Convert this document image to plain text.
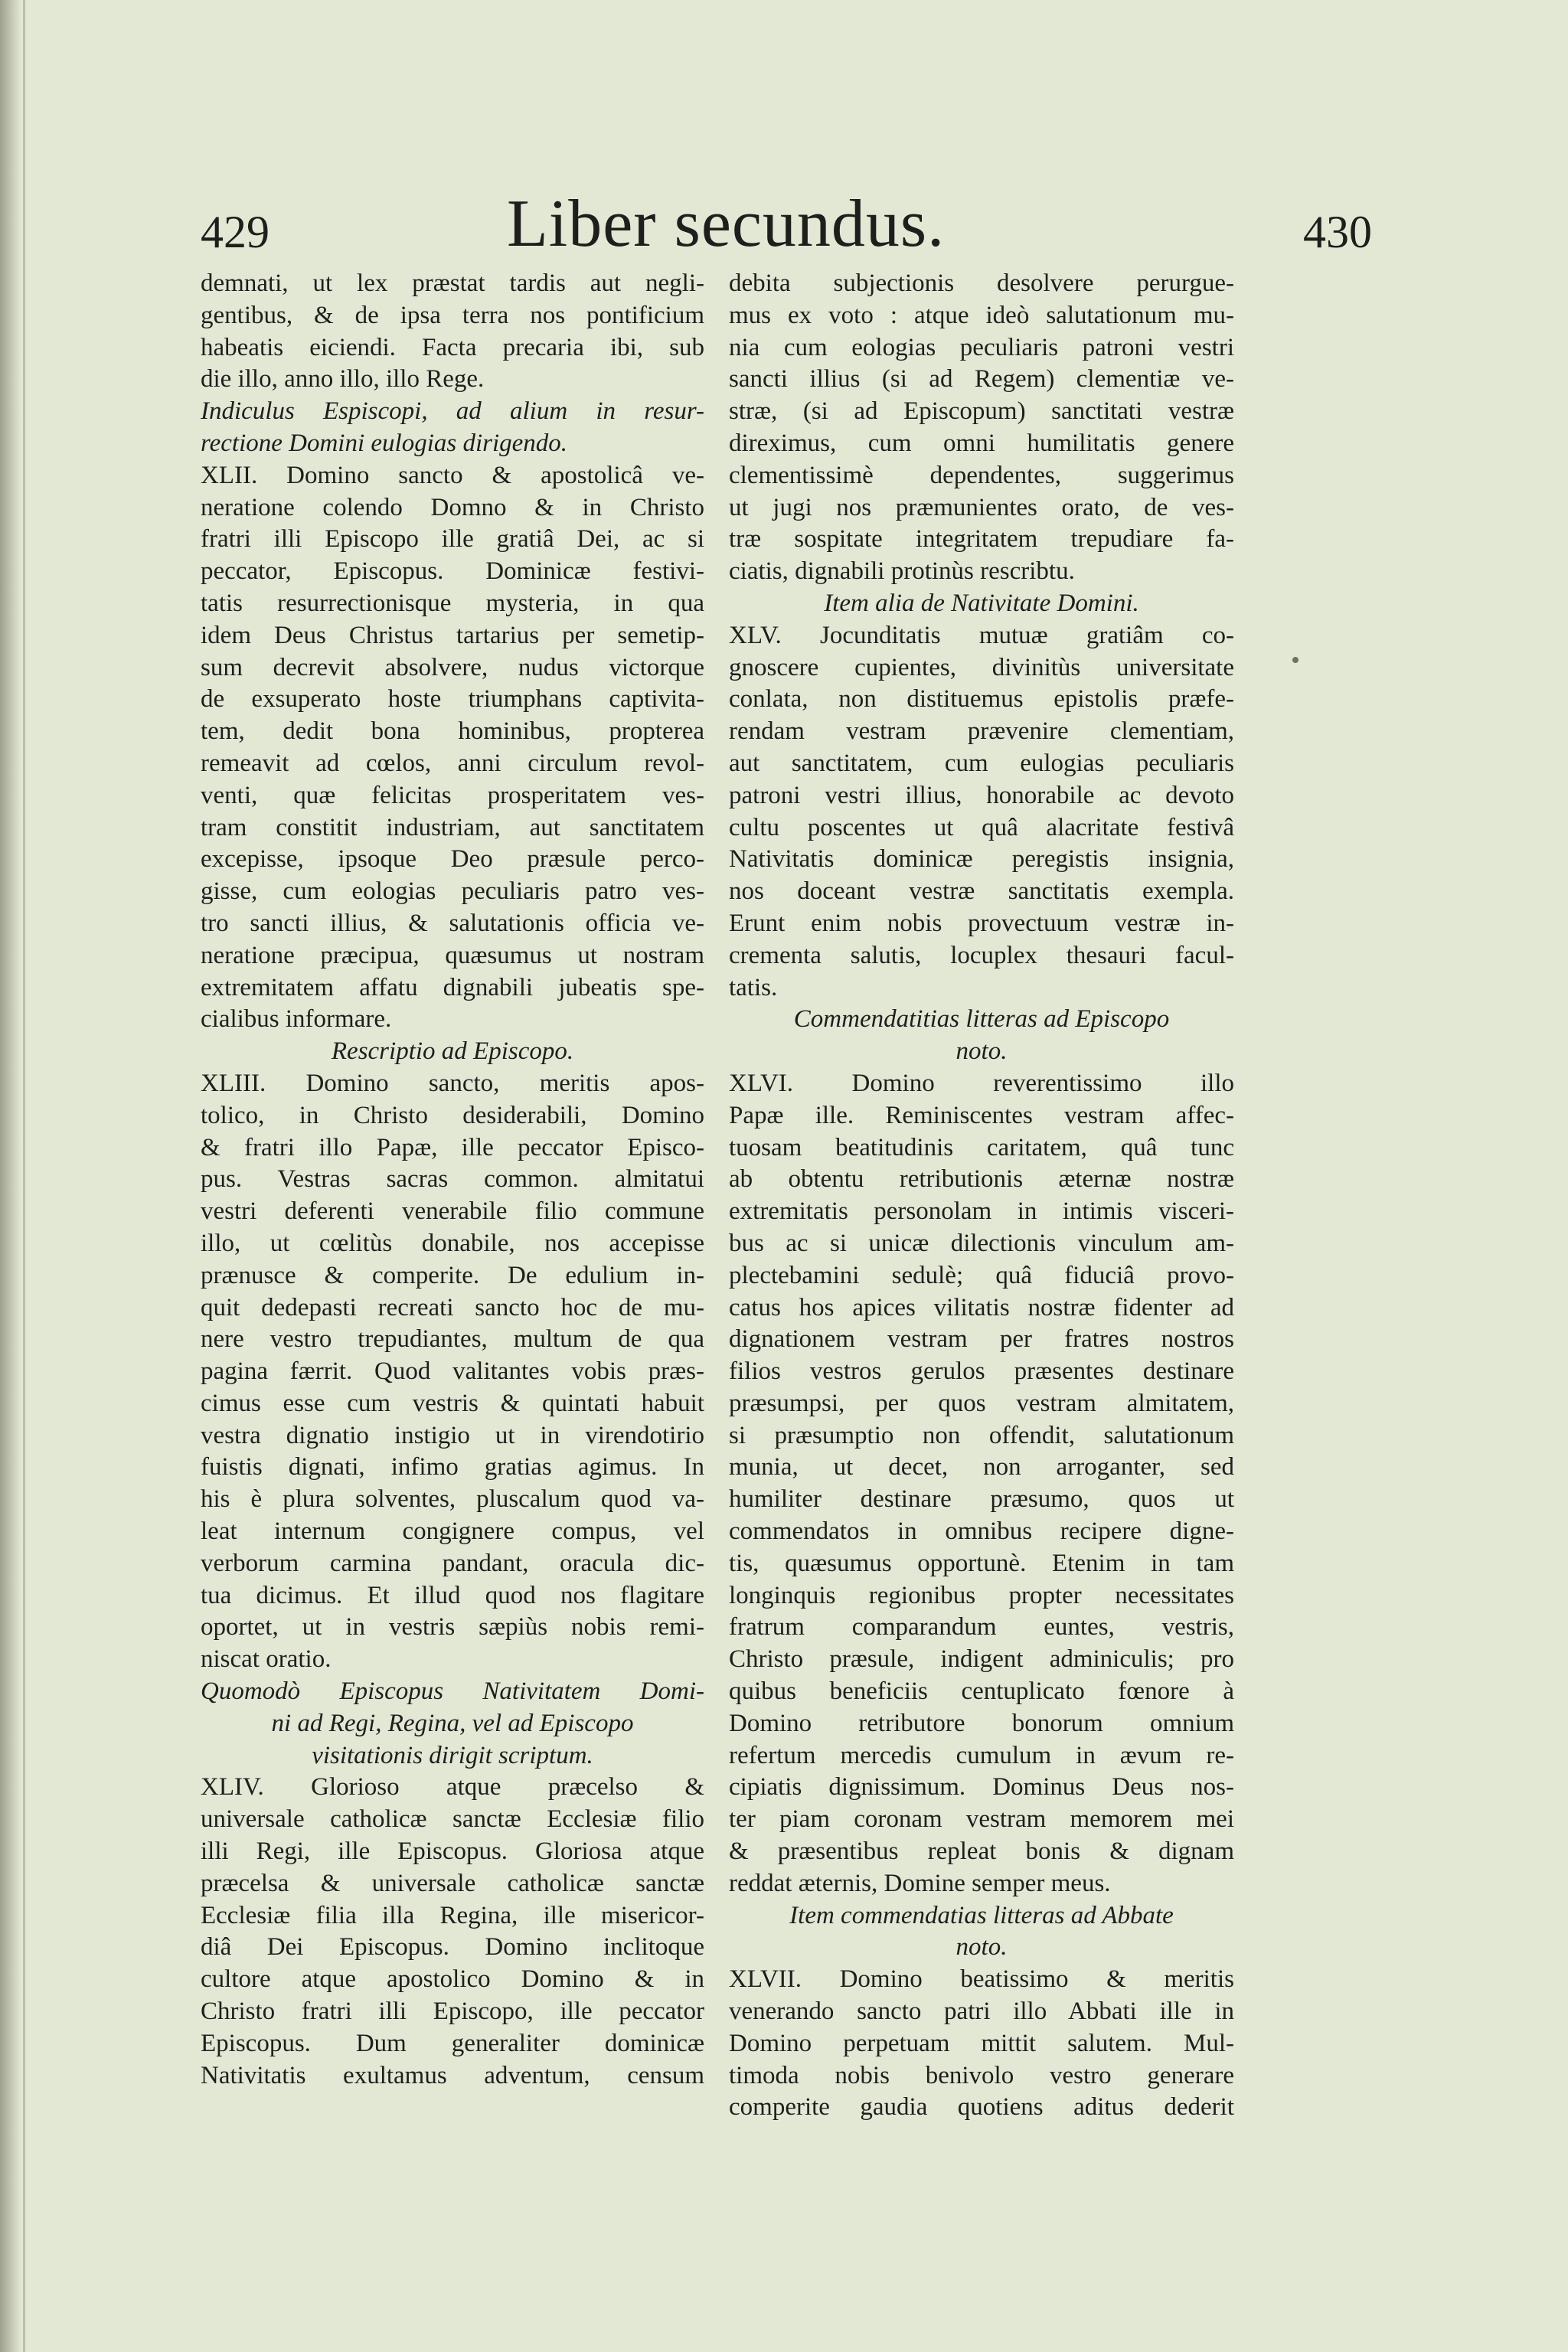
429	Liber secundus.	430
demnati, ut lex præstat tardis aut negli-
gentibus, & de ipsa terra nos pontificium
habeatis eiciendi. Facta precaria ibi, sub
die illo, anno illo, illo Rege.
Indiculus Espiscopi, ad alium in resur-
rectione Domini eulogias dirigendo.
XLII. Domino sancto & apostolicâ ve-
neratione colendo Domno & in Christo
fratri illi Episcopo ille gratiâ Dei, ac si
peccator, Episcopus. Dominicæ festivi-
tatis resurrectionisque mysteria, in qua
idem Deus Christus tartarius per semetip-
sum decrevit absolvere, nudus victorque
de exsuperato hoste triumphans captivita-
tem, dedit bona hominibus, propterea
remeavit ad cœlos, anni circulum revol-
venti, quæ felicitas prosperitatem ves-
tram constitit industriam, aut sanctitatem
excepisse, ipsoque Deo præsule perco-
gisse, cum eologias peculiaris patro ves-
tro sancti illius, & salutationis officia ve-
neratione præcipua, quæsumus ut nostram
extremitatem affatu dignabili jubeatis spe-
cialibus informare.
Rescriptio ad Episcopo.
XLIII. Domino sancto, meritis apos-
tolico, in Christo desiderabili, Domino
& fratri illo Papæ, ille peccator Episco-
pus. Vestras sacras common. almitatui
vestri deferenti venerabile filio commune
illo, ut cœlitùs donabile, nos accepisse
prænusce & comperite. De edulium in-
quit dedepasti recreati sancto hoc de mu-
nere vestro trepudiantes, multum de qua
pagina færrit. Quod valitantes vobis præs-
cimus esse cum vestris & quintati habuit
vestra dignatio instigio ut in virendotirio
fuistis dignati, infimo gratias agimus. In
his è plura solventes, pluscalum quod va-
leat internum congignere compus, vel
verborum carmina pandant, oracula dic-
tua dicimus. Et illud quod nos flagitare
oportet, ut in vestris sæpiùs nobis remi-
niscat oratio.
Quomodò Episcopus Nativitatem Domi-
ni ad Regi, Regina, vel ad Episcopo
visitationis dirigit scriptum.
XLIV. Glorioso atque præcelso &
universale catholicæ sanctæ Ecclesiæ filio
illi Regi, ille Episcopus. Gloriosa atque
præcelsa & universale catholicæ sanctæ
Ecclesiæ filia illa Regina, ille misericor-
diâ Dei Episcopus. Domino inclitoque
cultore atque apostolico Domino & in
Christo fratri illi Episcopo, ille peccator
Episcopus. Dum generaliter dominicæ
Nativitatis exultamus adventum, censum
debita subjectionis desolvere perurgue-
mus ex voto : atque ideò salutationum mu-
nia cum eologias peculiaris patroni vestri
sancti illius (si ad Regem) clementiæ ve-
stræ, (si ad Episcopum) sanctitati vestræ
direximus, cum omni humilitatis genere
clementissimè dependentes, suggerimus
ut jugi nos præmunientes orato, de ves-
træ sospitate integritatem trepudiare fa-
ciatis, dignabili protinùs rescribtu.
Item alia de Nativitate Domini.
XLV. Jocunditatis mutuæ gratiâm co-
gnoscere cupientes, divinitùs universitate
conlata, non distituemus epistolis præfe-
rendam vestram prævenire clementiam,
aut sanctitatem, cum eulogias peculiaris
patroni vestri illius, honorabile ac devoto
cultu poscentes ut quâ alacritate festivâ
Nativitatis dominicæ peregistis insignia,
nos doceant vestræ sanctitatis exempla.
Erunt enim nobis provectuum vestræ in-
crementa salutis, locuplex thesauri facul-
tatis.
Commendatitias litteras ad Episcopo
noto.
XLVI. Domino reverentissimo illo
Papæ ille. Reminiscentes vestram affec-
tuosam beatitudinis caritatem, quâ tunc
ab obtentu retributionis æternæ nostræ
extremitatis personolam in intimis visceri-
bus ac si unicæ dilectionis vinculum am-
plectebamini sedulè; quâ fiduciâ provo-
catus hos apices vilitatis nostræ fidenter ad
dignationem vestram per fratres nostros
filios vestros gerulos præsentes destinare
præsumpsi, per quos vestram almitatem,
si præsumptio non offendit, salutationum
munia, ut decet, non arroganter, sed
humiliter destinare præsumo, quos ut
commendatos in omnibus recipere digne-
tis, quæsumus opportunè. Etenim in tam
longinquis regionibus propter necessitates
fratrum comparandum euntes, vestris,
Christo præsule, indigent adminiculis; pro
quibus beneficiis centuplicato fœnore à
Domino retributore bonorum omnium
refertum mercedis cumulum in ævum re-
cipiatis dignissimum. Dominus Deus nos-
ter piam coronam vestram memorem mei
& præsentibus repleat bonis & dignam
reddat æternis, Domine semper meus.
Item commendatias litteras ad Abbate
noto.
XLVII. Domino beatissimo & meritis
venerando sancto patri illo Abbati ille in
Domino perpetuam mittit salutem. Mul-
timoda nobis benivolo vestro generare
comperite gaudia quotiens aditus dederit
